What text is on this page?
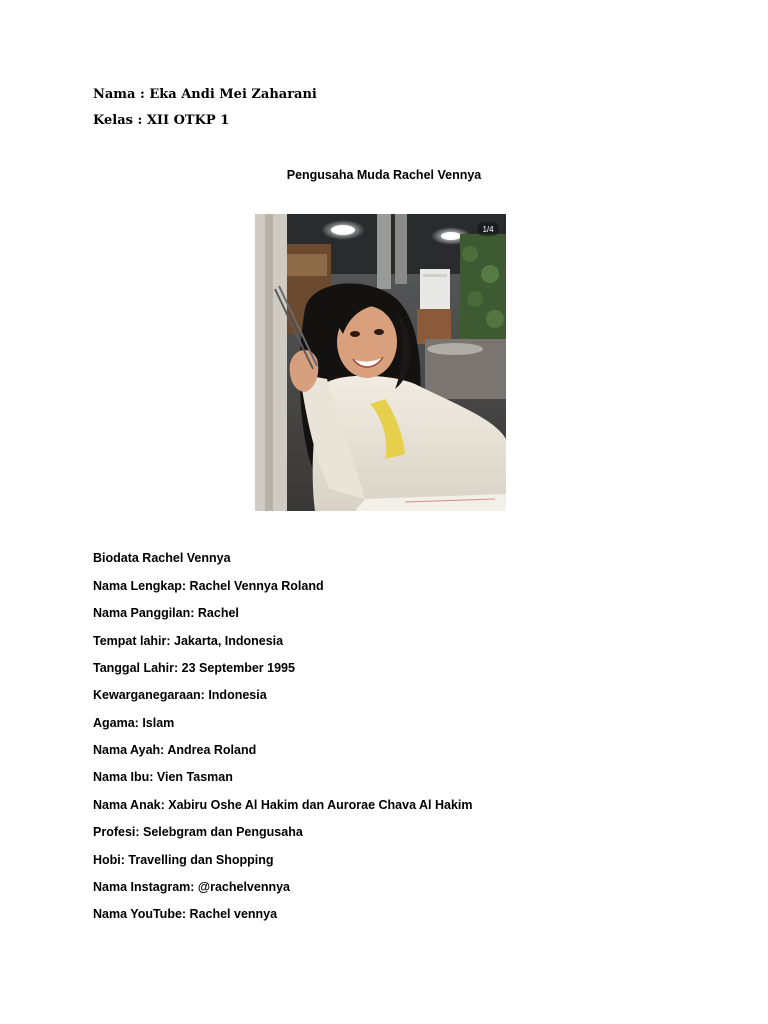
Nama : Eka Andi Mei Zaharani
Kelas : XII OTKP 1
Pengusaha Muda Rachel Vennya
1/4
Biodata Rachel Vennya
Nama Lengkap: Rachel Vennya Roland
Nama Panggilan: Rachel
Tempat lahir: Jakarta, Indonesia
Tanggal Lahir: 23 September 1995
Kewarganegaraan: Indonesia
Agama: Islam
Nama Ayah: Andrea Roland
Nama Ibu: Vien Tasman
Nama Anak: Xabiru Oshe Al Hakim dan Aurorae Chava Al Hakim
Profesi: Selebgram dan Pengusaha
Hobi: Travelling dan Shopping
Nama Instagram: @rachelvennya
Nama YouTube: Rachel vennya
